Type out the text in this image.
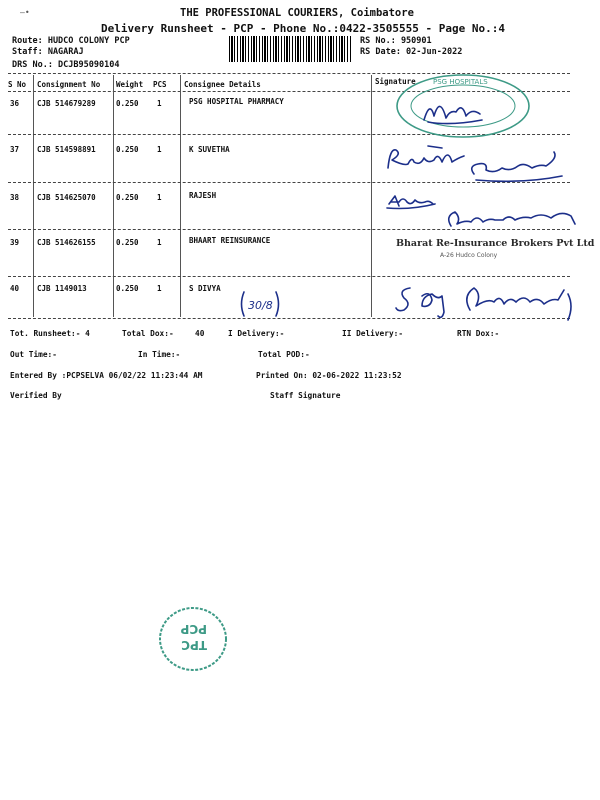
—•	THE PROFESSIONAL COURIERS, Coimbatore
Delivery Runsheet - PCP - Phone No.:0422-3505555 - Page No.:4
Route: HUDCO COLONY PCP
Staff: NAGARAJ
DRS No.: DCJB95090104
RS No.: 950901
RS Date: 02-Jun-2022
S No Consignment No Weight PCS Consignee Details	Signature
36 CJB 514679289	0.250 1	PSG HOSPITAL PHARMACY
37 CJB 514598891	0.250 1	K SUVETHA
38 CJB 514625070	0.250 1	RAJESH
39 CJB 514626155	0.250 1	BHAART REINSURANCE
40 CJB 1149013	0.250 1	S DIVYA
30/8
PSG HOSPITALS
Bharat Re-Insurance Brokers Pvt Ltd
A-26 Hudco Colony
Tot. Runsheet:- 4	Total Dox:-	40	I Delivery:-	II Delivery:-	RTN Dox:-
Out Time:-	In Time:-	Total POD:-
Entered By :PCPSELVA 06/02/22 11:23:44 AM	Printed On: 02-06-2022 11:23:52
Verified By	Staff Signature
TPC
PCP
